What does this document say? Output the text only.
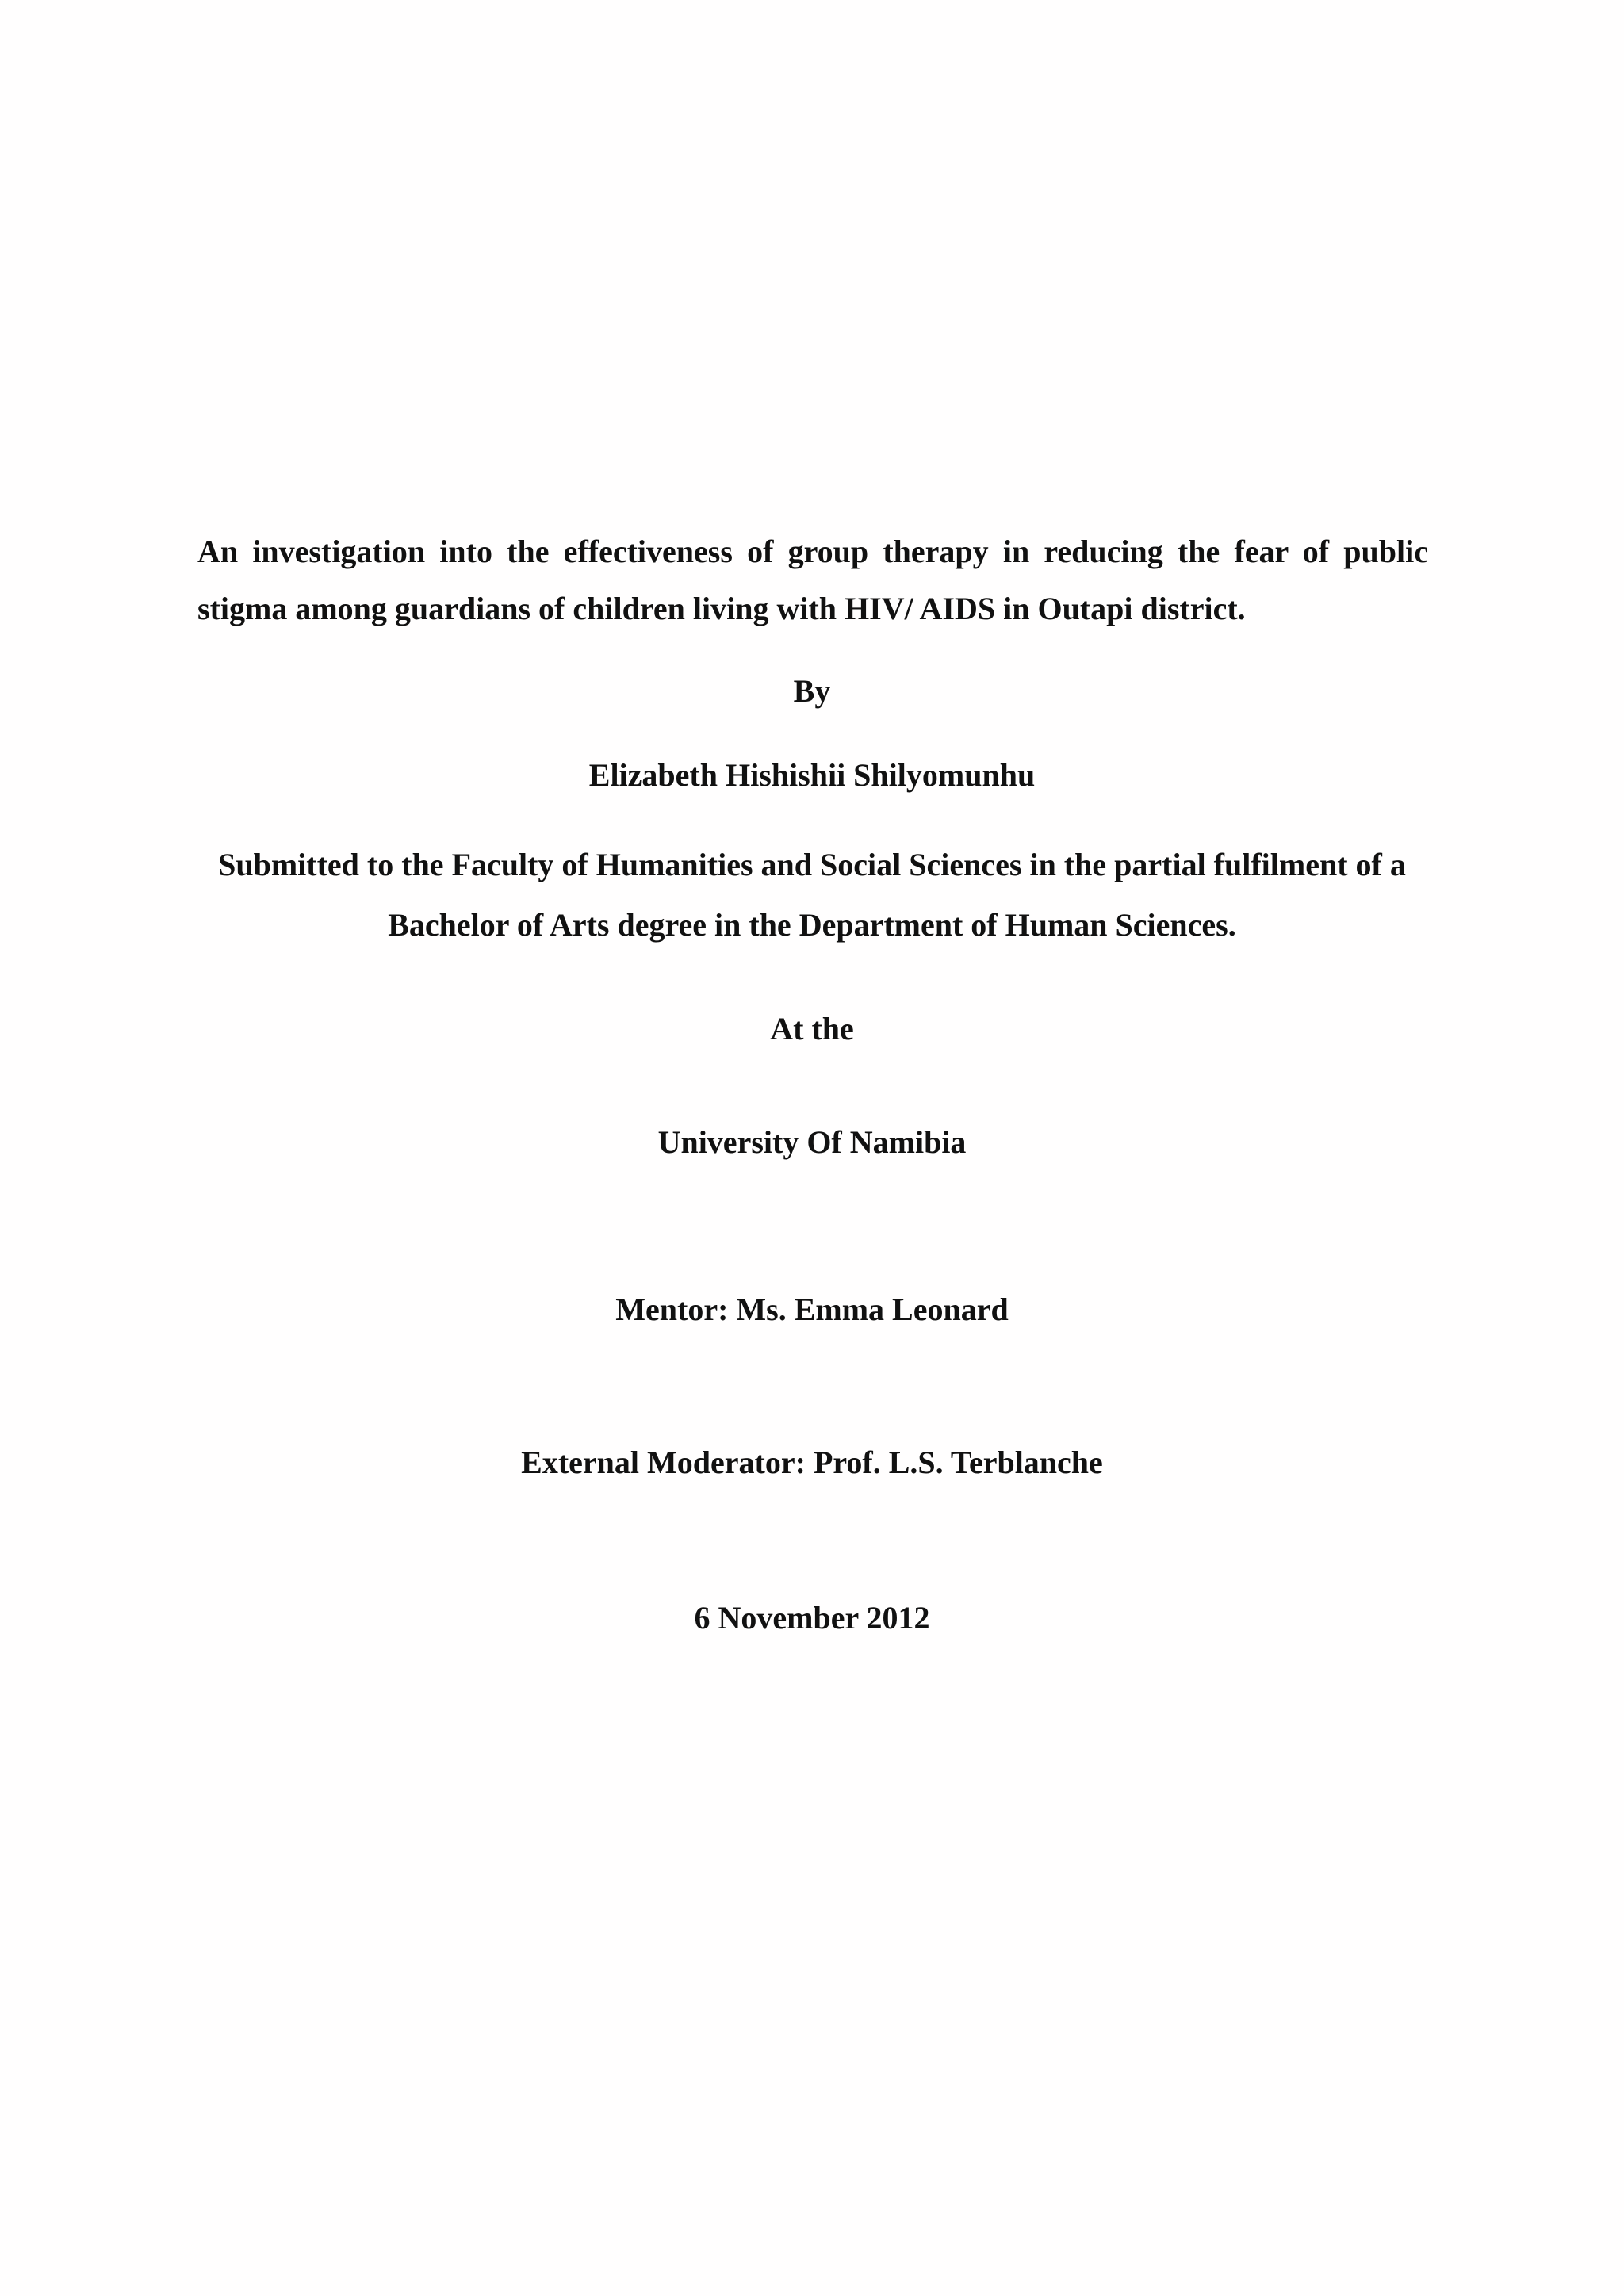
An investigation into the effectiveness of group therapy in reducing the fear of public stigma among guardians of children living with HIV/ AIDS in Outapi district.

By

Elizabeth Hishishii Shilyomunhu

Submitted to the Faculty of Humanities and Social Sciences in the partial fulfilment of a Bachelor of Arts degree in the Department of Human Sciences.

At the

University Of Namibia

Mentor: Ms. Emma Leonard

External Moderator: Prof. L.S. Terblanche

6 November 2012
